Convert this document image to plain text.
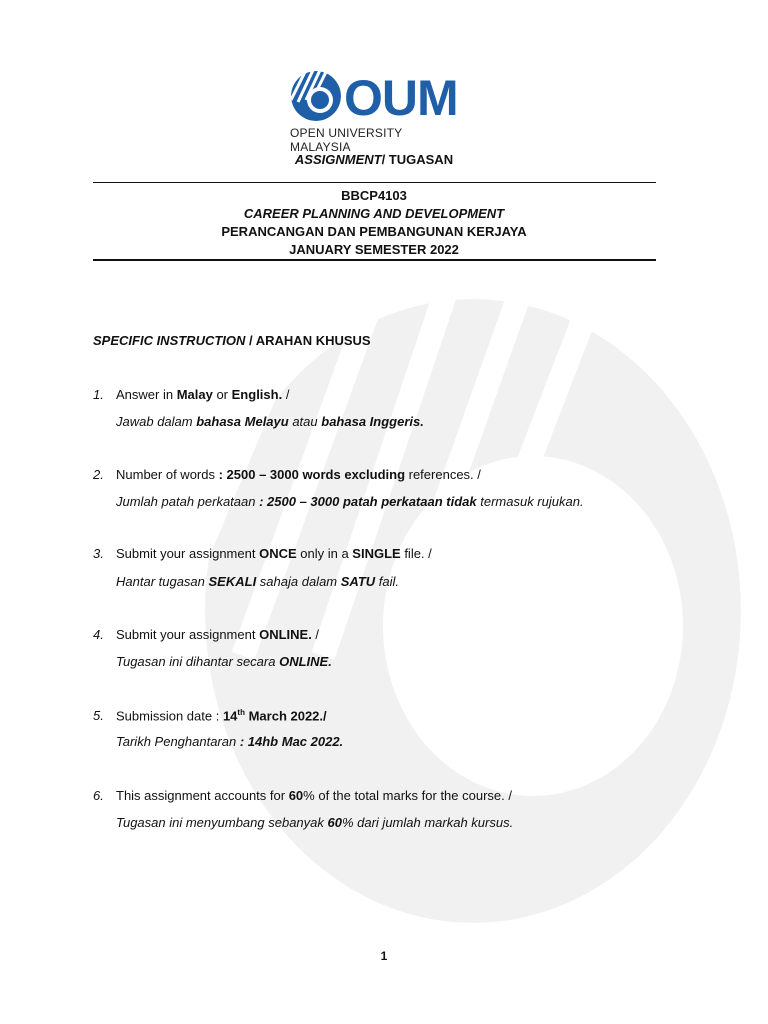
OUM
OPEN UNIVERSITY MALAYSIA
ASSIGNMENT/ TUGASAN
BBCP4103
CAREER PLANNING AND DEVELOPMENT
PERANCANGAN DAN PEMBANGUNAN KERJAYA
JANUARY SEMESTER 2022
SPECIFIC INSTRUCTION / ARAHAN KHUSUS
1. Answer in Malay or English. /
Jawab dalam bahasa Melayu atau bahasa Inggeris.
2. Number of words : 2500 – 3000 words excluding references. /
Jumlah patah perkataan : 2500 – 3000 patah perkataan tidak termasuk rujukan.
3. Submit your assignment ONCE only in a SINGLE file. /
Hantar tugasan SEKALI sahaja dalam SATU fail.
4. Submit your assignment ONLINE. /
Tugasan ini dihantar secara ONLINE.
5. Submission date : 14th March 2022./
Tarikh Penghantaran : 14hb Mac 2022.
6. This assignment accounts for 60% of the total marks for the course. /
Tugasan ini menyumbang sebanyak 60% dari jumlah markah kursus.
1
